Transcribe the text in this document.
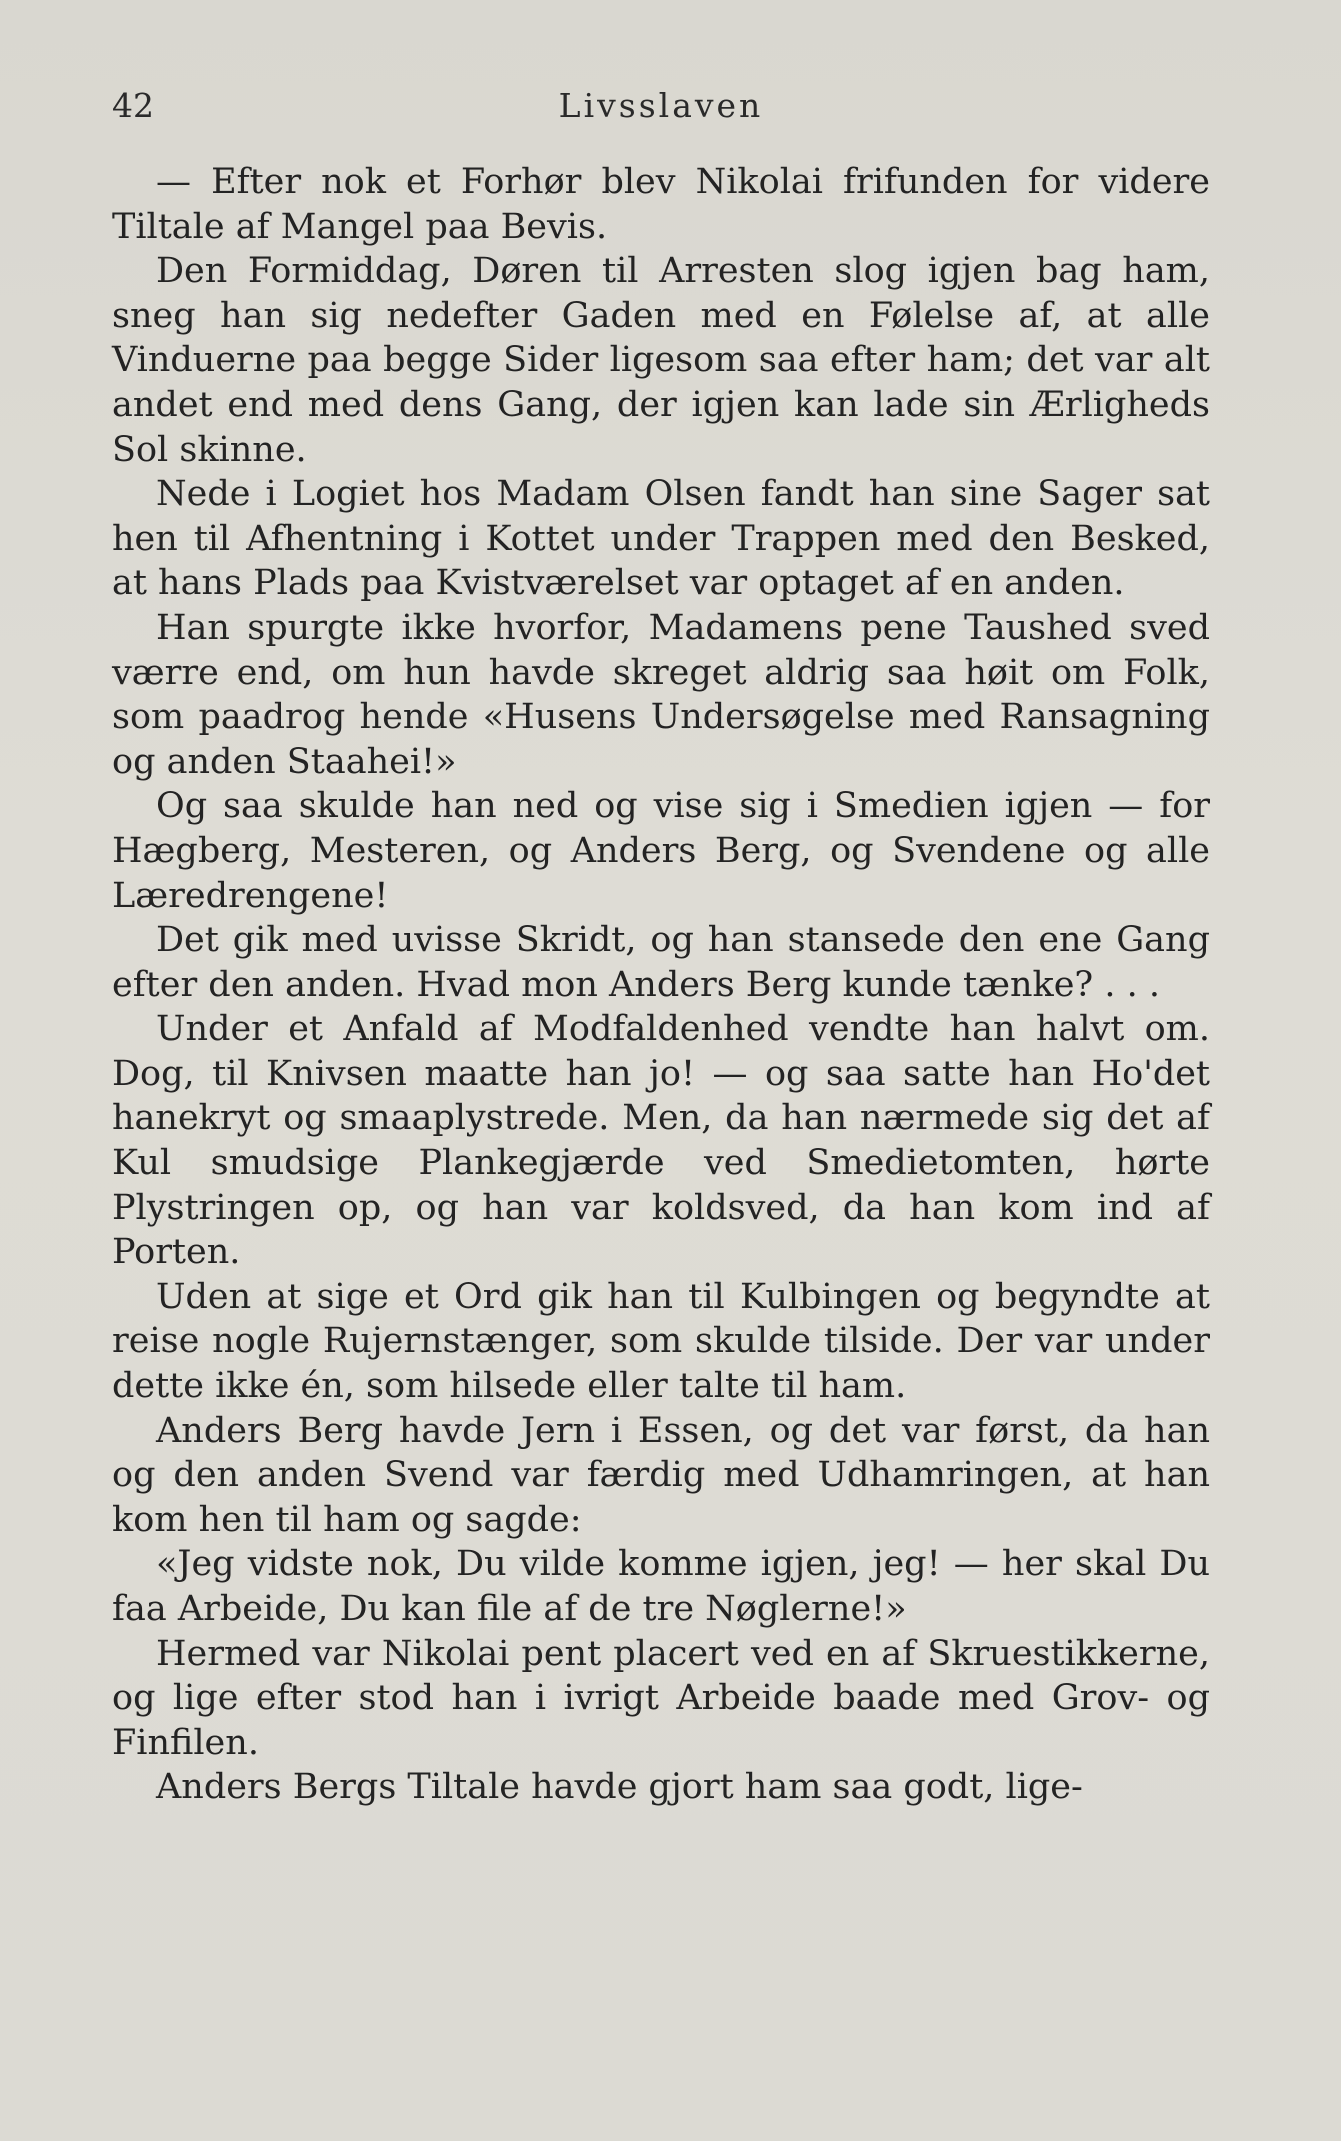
42	Livsslaven

— Efter nok et Forhør blev Nikolai frifunden for videre Tiltale af Mangel paa Bevis.

Den Formiddag, Døren til Arresten slog igjen bag ham, sneg han sig nedefter Gaden med en Følelse af, at alle Vinduerne paa begge Sider ligesom saa efter ham; det var alt andet end med dens Gang, der igjen kan lade sin Ærligheds Sol skinne.

Nede i Logiet hos Madam Olsen fandt han sine Sager sat hen til Afhentning i Kottet under Trappen med den Besked, at hans Plads paa Kvistværelset var optaget af en anden.

Han spurgte ikke hvorfor, Madamens pene Taushed sved værre end, om hun havde skreget aldrig saa høit om Folk, som paadrog hende «Husens Undersøgelse med Ransagning og anden Staahei!»

Og saa skulde han ned og vise sig i Smedien igjen — for Hægberg, Mesteren, og Anders Berg, og Svendene og alle Læredrengene!

Det gik med uvisse Skridt, og han stansede den ene Gang efter den anden. Hvad mon Anders Berg kunde tænke? . . .

Under et Anfald af Modfaldenhed vendte han halvt om. Dog, til Knivsen maatte han jo! — og saa satte han Ho'det hanekryt og smaaplystrede. Men, da han nærmede sig det af Kul smudsige Plankegjærde ved Smedietomten, hørte Plystringen op, og han var koldsved, da han kom ind af Porten.

Uden at sige et Ord gik han til Kulbingen og begyndte at reise nogle Rujernstænger, som skulde tilside. Der var under dette ikke én, som hilsede eller talte til ham.

Anders Berg havde Jern i Essen, og det var først, da han og den anden Svend var færdig med Udhamringen, at han kom hen til ham og sagde:

«Jeg vidste nok, Du vilde komme igjen, jeg! — her skal Du faa Arbeide, Du kan file af de tre Nøglerne!»

Hermed var Nikolai pent placert ved en af Skruestikkerne, og lige efter stod han i ivrigt Arbeide baade med Grov- og Finfilen.

Anders Bergs Tiltale havde gjort ham saa godt, lige-
